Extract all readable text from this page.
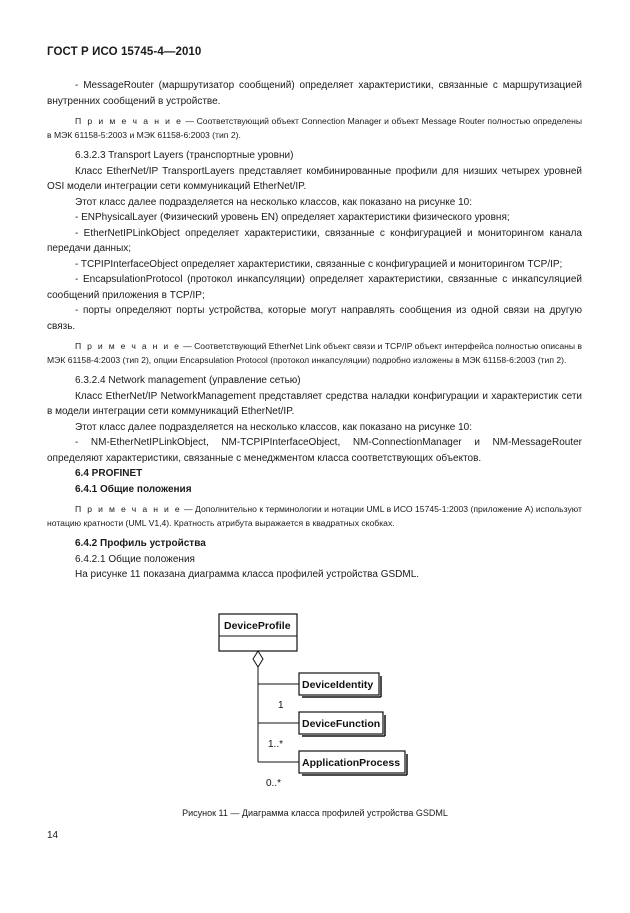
ГОСТ Р ИСО 15745-4—2010

- MessageRouter (маршрутизатор сообщений) определяет характеристики, связанные с маршрутизацией внутренних сообщений в устройстве.

П р и м е ч а н и е — Соответствующий объект Connection Manager и объект Message Router полностью определены в МЭК 61158-5:2003 и МЭК 61158-6:2003 (тип 2).

6.3.2.3 Transport Layers (транспортные уровни)

Класс EtherNet/IP TransportLayers представляет комбинированные профили для низших четырех уровней OSI модели интеграции сети коммуникаций EtherNet/IP.

Этот класс далее подразделяется на несколько классов, как показано на рисунке 10:

- ENPhysicalLayer (Физический уровень EN) определяет характеристики физического уровня;

- EtherNetIPLinkObject определяет характеристики, связанные с конфигурацией и мониторингом канала передачи данных;

- TCPIPInterfaceObject определяет характеристики, связанные с конфигурацией и мониторингом TCP/IP;

- EncapsulationProtocol (протокол инкапсуляции) определяет характеристики, связанные с инкапсуляцией сообщений приложения в TCP/IP;

- порты определяют порты устройства, которые могут направлять сообщения из одной связи на другую связь.

П р и м е ч а н и е — Соответствующий EtherNet Link объект связи и TCP/IP объект интерфейса полностью описаны в МЭК 61158-4:2003 (тип 2), опции Encapsulation Protocol (протокол инкапсуляции) подробно изложены в МЭК 61158-6:2003 (тип 2).

6.3.2.4 Network management (управление сетью)

Класс EtherNet/IP NetworkManagement представляет средства наладки конфигурации и характеристик сети в модели интеграции сети коммуникаций EtherNet/IP.

Этот класс далее подразделяется на несколько классов, как показано на рисунке 10:

- NM-EtherNetIPLinkObject, NM-TCPIPInterfaceObject, NM-ConnectionManager и NM-MessageRouter определяют характеристики, связанные с менеджментом класса соответствующих объектов.

6.4 PROFINET

6.4.1 Общие положения

П р и м е ч а н и е — Дополнительно к терминологии и нотации UML в ИСО 15745-1:2003 (приложение А) используют нотацию кратности (UML V1,4). Кратность атрибута выражается в квадратных скобках.

6.4.2 Профиль устройства

6.4.2.1 Общие положения

На рисунке 11 показана диаграмма класса профилей устройства GSDML.

DeviceProfile
DeviceIdentity
1
DeviceFunction
1..*
ApplicationProcess
0..*
Рисунок 11 — Диаграмма класса профилей устройства GSDML
14
